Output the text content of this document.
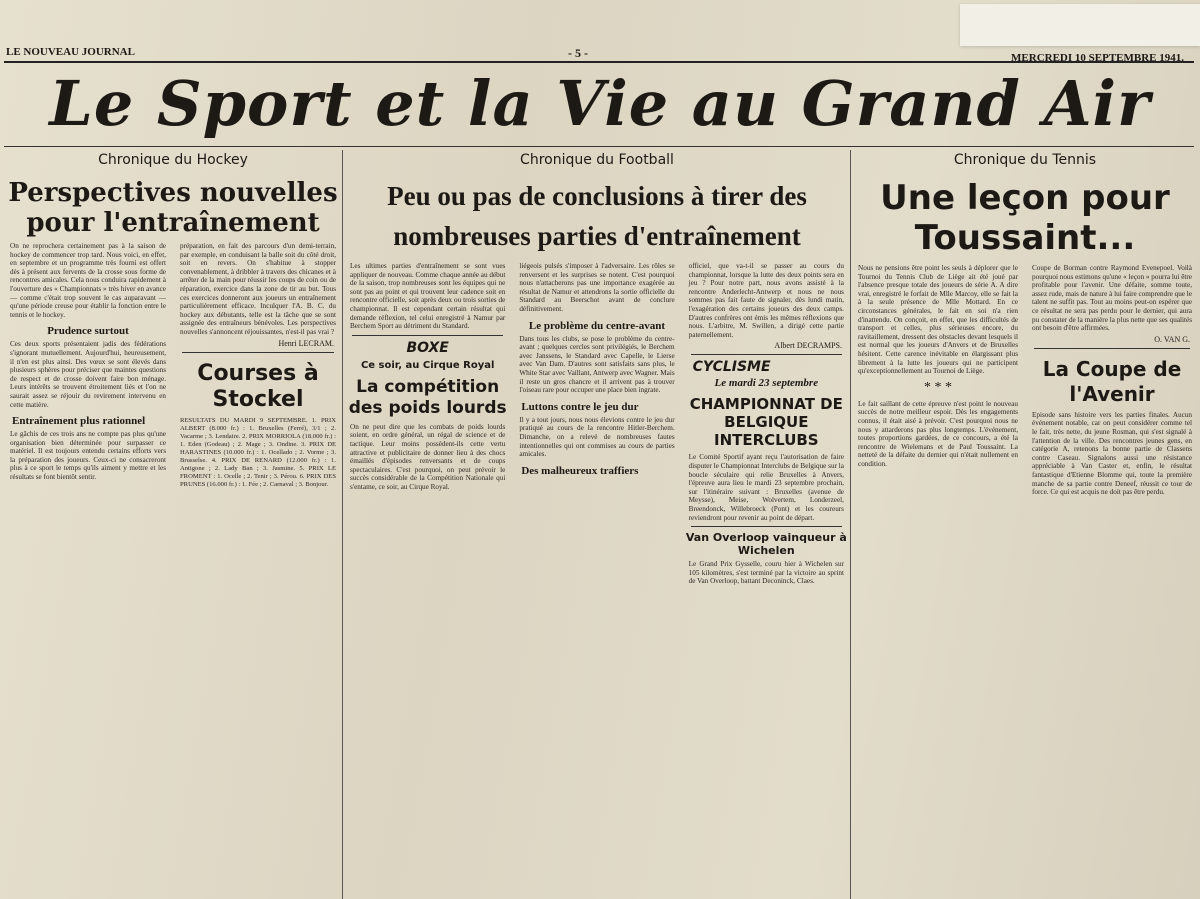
LE NOUVEAU JOURNAL	- 5 -	MERCREDI 10 SEPTEMBRE 1941.
Le Sport et la Vie au Grand Air
Chronique du Hockey
Perspectives nouvelles pour l'entraînement
On ne reprochera certainement pas à la saison de hockey de commencer trop tard. Nous voici, en effet, en septembre et un programme très fourni est offert dès à présent aux fervents de la crosse sous forme de rencontres amicales. Cela nous conduira rapidement à l'ouverture des « Championnats » très hiver en avance — comme c'était trop souvent le cas auparavant — qu'une période creuse pour établir la fonction entre le tennis et le hockey.
Prudence surtout
Ces deux sports présentaient jadis des fédérations s'ignorant mutuellement. Aujourd'hui, heureusement, il n'en est plus ainsi. Des vœux se sont élevés dans plusieurs sphères pour préciser que maintes questions de respect et de crosse doivent faire bon ménage. Leurs intérêts se trouvent étroitement liés et l'on ne saurait assez se réjouir du revirement intervenu en cette matière.
Entraînement plus rationnel
Le gâchis de ces trois ans ne compte pas plus qu'une organisation bien déterminée pour surpasser ce matériel. Il est toujours entendu certains efforts vers la préparation des joueurs. Ceux-ci ne consacreront plus à ce sport le temps qu'ils aiment y mettre et les résultats se font bientôt sentir.
préparation, en fait des parcours d'un demi-terrain, par exemple, en conduisant la balle soit du côté droit, soit en revers. On s'habitue à stopper convenablement, à dribbler à travers des chicanes et à arrêter de la main pour réussir les coups de coin ou de réparation, exercice dans la zone de tir au but. Tous ces exercices donneront aux joueurs un entraînement particulièrement efficace. Inculquer l'A. B. C. du hockey aux débutants, telle est la tâche que se sont assignée des entraîneurs bénévoles. Les perspectives nouvelles s'annoncent réjouissantes, n'est-il pas vrai ?
Henri LECRAM.
Courses à Stockel
RESULTATS DU MARDI 9 SEPTEMBRE. 1. PRIX ALBERT (8.000 fr.) : 1. Bruxelles (Ferré), 3/1 ; 2. Vacarme ; 3. Lendaire. 2. PRIX MORRIOLA (18.000 fr.) : 1. Eden (Godeau) ; 2. Mage ; 3. Ondine. 3. PRIX DE HARASTINES (10.000 fr.) : 1. Ocellado ; 2. Vorme ; 3. Brusselse. 4. PRIX DE RENARD (12.000 fr.) : 1. Antigone ; 2. Lady Ban ; 3. Jasmine. 5. PRIX LE FROMENT : 1. Ocelle ; 2. Tenir ; 3. Pérou. 6. PRIX DES PRUNES (16.000 fr.) : 1. Fée ; 2. Carnaval ; 3. Bonjour.
Chronique du Football
Peu ou pas de conclusions à tirer des nombreuses parties d'entraînement
Les ultimes parties d'entraînement se sont vues appliquer de nouveau. Comme chaque année au début de la saison, trop nombreuses sont les équipes qui ne sont pas au point et qui trouvent leur cadence soit en rencontre officielle, soit après deux ou trois sorties de championnat. Il est cependant certain résultat qui demande réflexion, tel celui enregistré à Namur par Berchem Sport au détriment du Standard.
BOXE
Ce soir, au Cirque Royal
La compétition des poids lourds
On ne peut dire que les combats de poids lourds soient, en ordre général, un régal de science et de tactique. Leur moins possèdent-ils cette vertu attractive et publicitaire de donner lieu à des chocs émaillés d'épisodes renversants et de coups spectaculaires. C'est pourquoi, on peut prévoir le succès considérable de la Compétition Nationale qui s'entame, ce soir, au Cirque Royal.
liégeois pulsés s'imposer à l'adversaire. Les rôles se renversent et les surprises se notent. C'est pourquoi nous n'attacherons pas une importance exagérée au résultat de Namur et attendrons la sortie officielle du Standard au Beerschot avant de conclure définitivement.
Le problème du centre-avant
Dans tous les clubs, se pose le problème du centre-avant ; quelques cercles sont privilégiés, le Berchem avec Janssens, le Standard avec Capelle, le Lierse avec Van Dam. D'autres sont satisfaits sans plus, le White Star avec Vaillant, Antwerp avec Wagner. Mais il reste un gros chancre et il arrivent pas à trouver l'oiseau rare pour occuper une place bien ingrate.
Luttons contre le jeu dur
Il y a tout jours, nous nous élevions contre le jeu dur pratiqué au cours de la rencontre Hitler-Berchem. Dimanche, on a relevé de nombreuses fautes intentionnelles qui ont commises au cours de parties amicales.
Des malheureux traffiers
officiel, que va-t-il se passer au cours du championnat, lorsque la lutte des deux points sera en jeu ? Pour notre part, nous avons assisté à la rencontre Anderlecht-Antwerp et nous ne nous sommes pas fait faute de signaler, dès lundi matin, l'exagération des certains joueurs des deux camps. D'autres confrères ont émis les mêmes réflexions que nous. L'arbitre, M. Swillen, a dirigé cette partie paternellement.
Albert DECRAMPS.
CYCLISME
Le mardi 23 septembre
CHAMPIONNAT DE BELGIQUE INTERCLUBS
Le Comité Sportif ayant reçu l'autorisation de faire disputer le Championnat Interclubs de Belgique sur la boucle séculaire qui relie Bruxelles à Anvers, l'épreuve aura lieu le mardi 23 septembre prochain, sur l'itinéraire suivant : Bruxelles (avenue de Meysse), Meise, Wolvertem, Londerzeel, Breendonck, Willebroeck (Pont) et les coureurs reviendront pour revenir au point de départ.
Van Overloop vainqueur à Wichelen
Le Grand Prix Gysselle, couru hier à Wichelen sur 105 kilomètres, s'est terminé par la victoire au sprint de Van Overloop, battant Deconinck, Claes.
Chronique du Tennis
Une leçon pour Toussaint...
Nous ne pensions être point les seuls à déplorer que le Tournoi du Tennis Club de Liège ait été joué par l'absence presque totale des joueurs de série A. A dire vrai, enregistré le forfait de Mlle Marcoy, elle se fait la à la seule présence de Mlle Mottard. En ce circonstances générales, le fait en soi n'a rien d'inattendu. On conçoit, en effet, que les difficultés de transport et celles, plus sérieuses encore, du ravitaillement, dressent des obstacles devant lesquels il est normal que les joueurs d'Anvers et de Bruxelles hésitent. Cette carence inévitable en élargissant plus librement à la lutte les joueurs qui ne participent qu'exceptionnellement au Tournoi de Liège.
* * *
Le fait saillant de cette épreuve n'est point le nouveau succès de notre meilleur espoir. Dès les engagements connus, il était aisé à prévoir. C'est pourquoi nous ne nous y attarderons pas plus longtemps. L'événement, toutes proportions gardées, de ce concours, a été la rencontre de Wielemans et de Paul Toussaint. La netteté de la défaite du dernier qui n'était nullement en condition.
Coupe de Borman contre Raymond Evenepoel. Voilà pourquoi nous estimons qu'une « leçon » pourra lui être profitable pour l'avenir. Une défaite, somme toute, assez rude, mais de nature à lui faire comprendre que le talent ne suffit pas. Tout au moins peut-on espérer que ce résultat ne sera pas perdu pour le dernier, qui aura pu constater de la manière la plus nette que ses qualités ont besoin d'être affirmées.
O. VAN G.
La Coupe de l'Avenir
Episode sans histoire vers les parties finales. Aucun événement notable, car on peut considérer comme tel le fait, très nette, du jeune Rosman, qui s'est signalé à l'attention de la ville. Des rencontres jeunes gens, en catégorie A, retenons la bonne partie de Classens contre Caseau. Signalons aussi une résistance appréciable à Van Caster et, enfin, le résultat fantastique d'Etienne Blomme qui, toute la première manche de sa partie contre Deneef, réussit ce tour de force. Ce qui est acquis ne doit pas être perdu.
